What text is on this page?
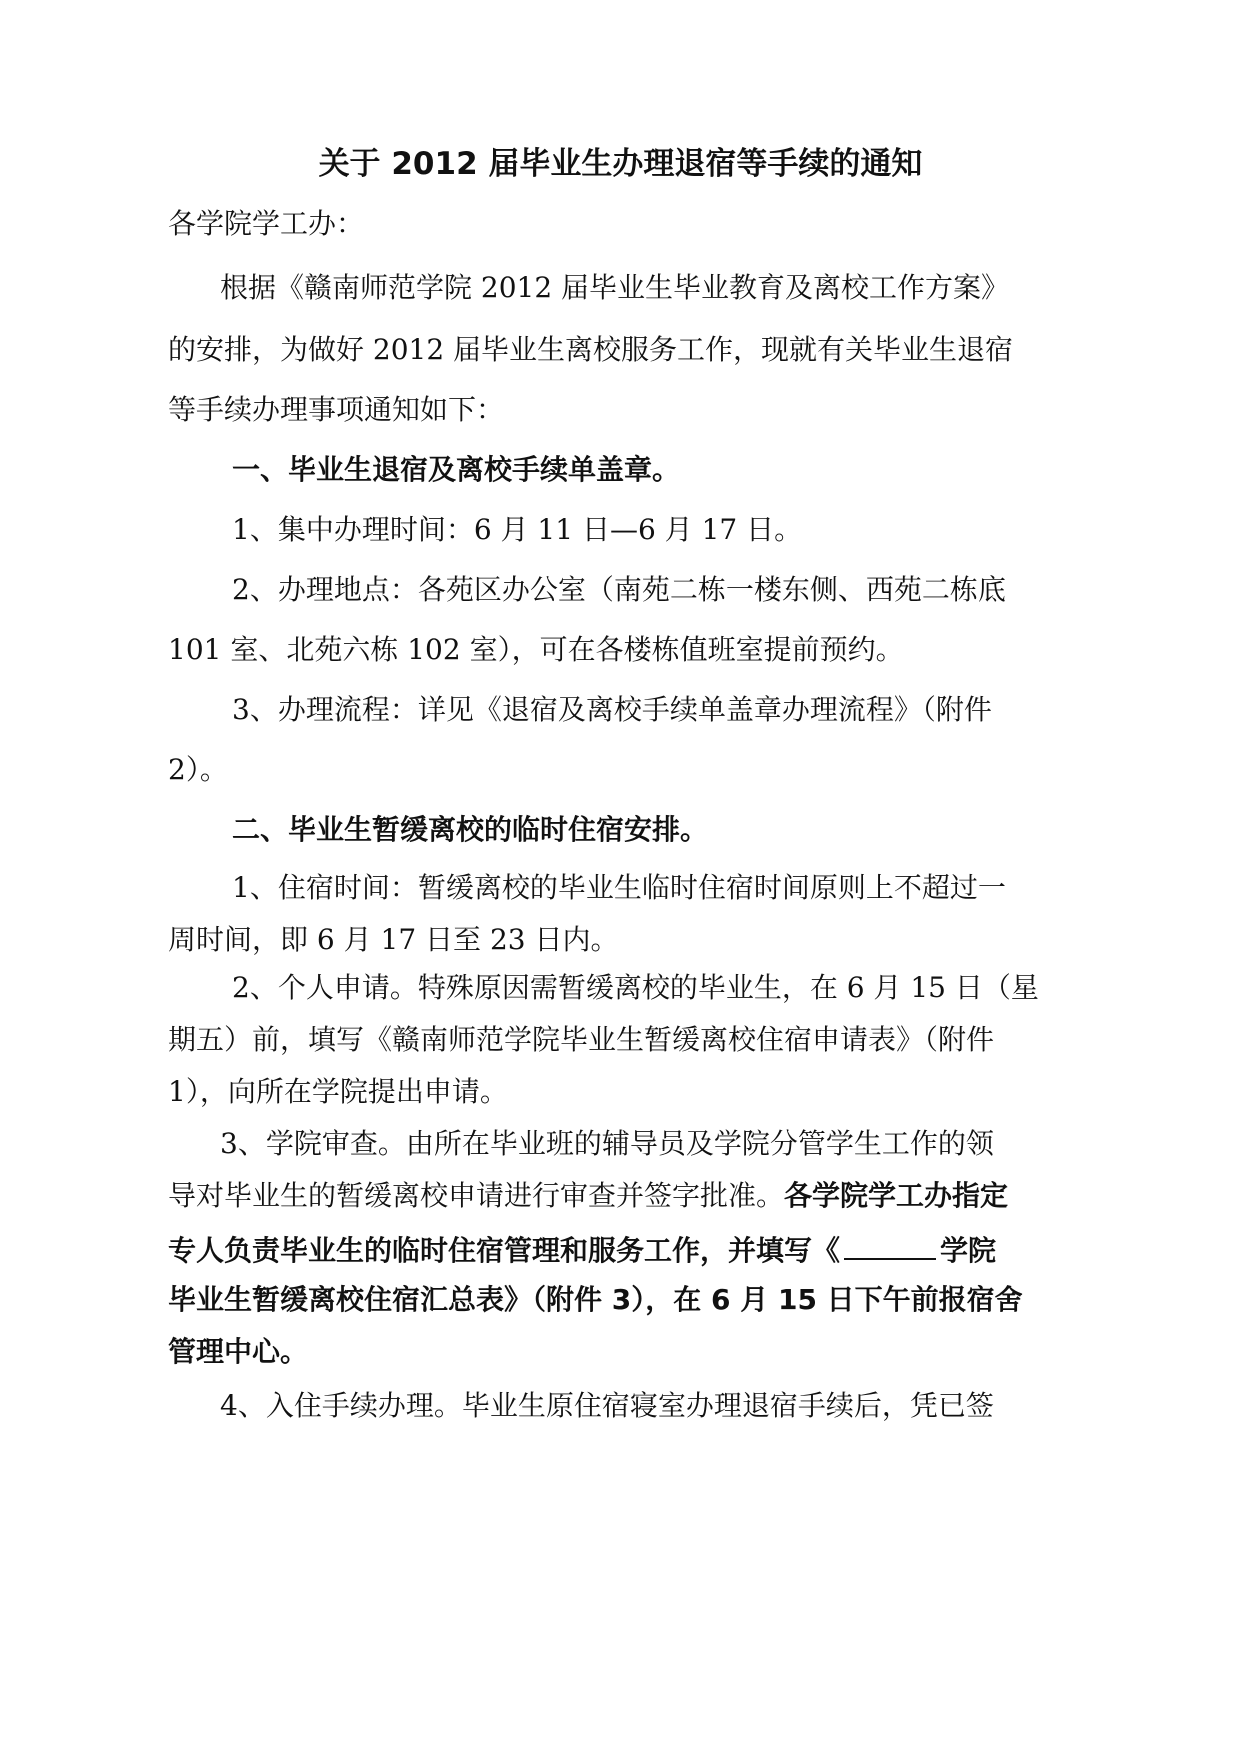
关于 2012 届毕业生办理退宿等手续的通知
各学院学工办：
根据《赣南师范学院 2012 届毕业生毕业教育及离校工作方案》
的安排，为做好 2012 届毕业生离校服务工作，现就有关毕业生退宿
等手续办理事项通知如下：
一、毕业生退宿及离校手续单盖章。
1、集中办理时间：6 月 11 日—6 月 17 日。
2、办理地点：各苑区办公室（南苑二栋一楼东侧、西苑二栋底
101 室、北苑六栋 102 室），可在各楼栋值班室提前预约。
3、办理流程：详见《退宿及离校手续单盖章办理流程》（附件
2）。
二、毕业生暂缓离校的临时住宿安排。
1、住宿时间：暂缓离校的毕业生临时住宿时间原则上不超过一
周时间，即 6 月 17 日至 23 日内。
2、个人申请。特殊原因需暂缓离校的毕业生，在 6 月 15 日（星
期五）前，填写《赣南师范学院毕业生暂缓离校住宿申请表》（附件
1），向所在学院提出申请。
3、学院审查。由所在毕业班的辅导员及学院分管学生工作的领
导对毕业生的暂缓离校申请进行审查并签字批准。各学院学工办指定
专人负责毕业生的临时住宿管理和服务工作，并填写《	学院
毕业生暂缓离校住宿汇总表》（附件 3），在 6 月 15 日下午前报宿舍
管理中心。
4、入住手续办理。毕业生原住宿寝室办理退宿手续后，凭已签
